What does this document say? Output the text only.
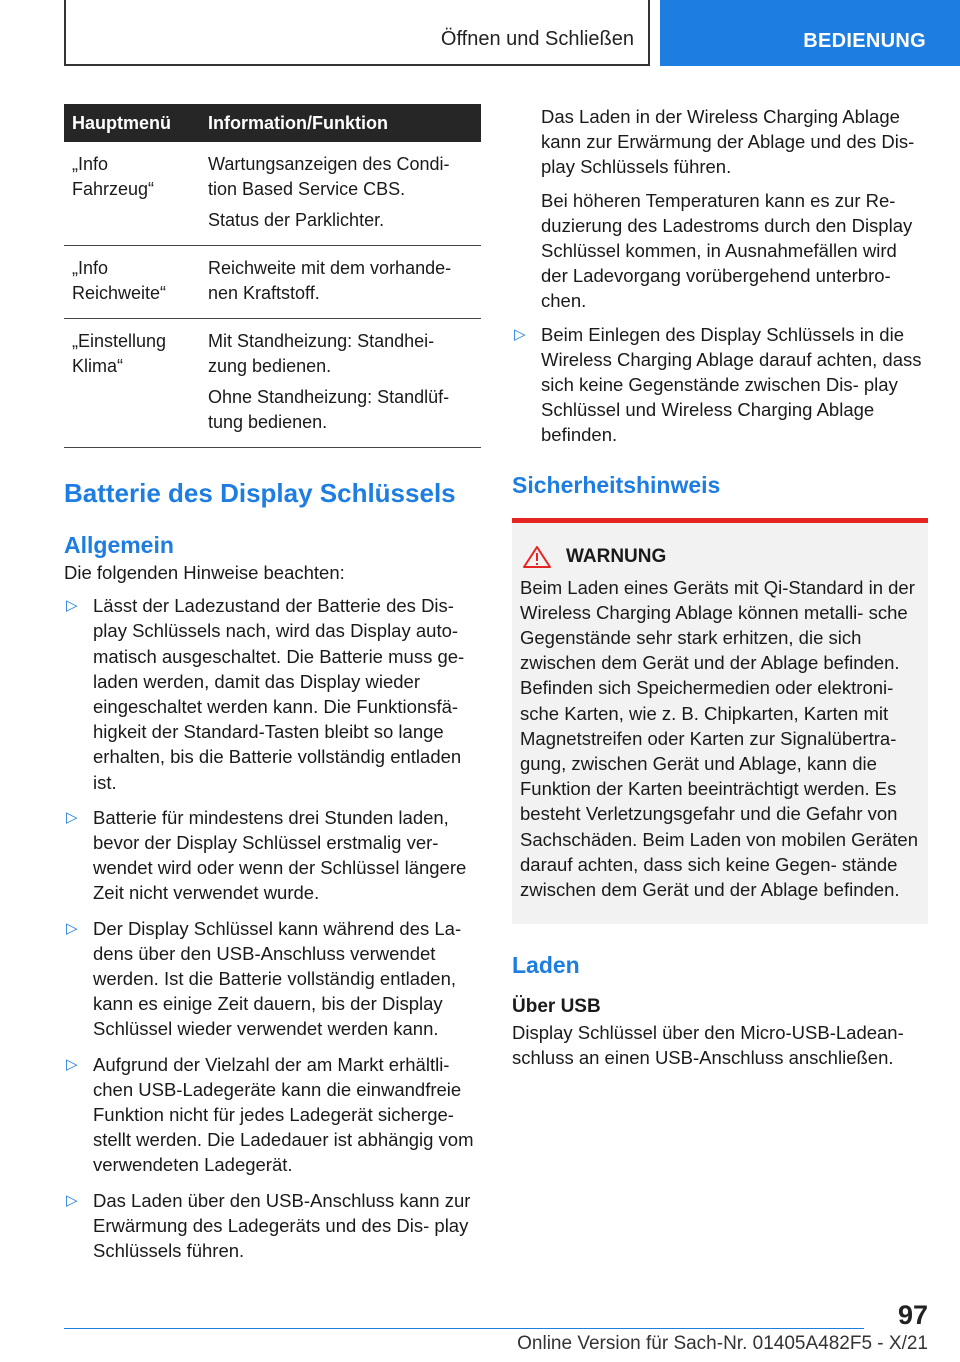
Öffnen und Schließen	BEDIENUNG
Hauptmenü	Information/Funktion
„Info Fahrzeug“	Wartungsanzeigen des Condi- tion Based Service CBS.

Status der Parklichter.

„Info Reichweite“	Reichweite mit dem vorhande- nen Kraftstoff.

„Einstellung Klima“	Mit Standheizung: Standhei- zung bedienen.

Ohne Standheizung: Standlüf- tung bedienen.

Batterie des Display Schlüssels
Allgemein

Die folgenden Hinweise beachten:

▷ Lässt der Ladezustand der Batterie des Dis- play Schlüssels nach, wird das Display auto- matisch ausgeschaltet. Die Batterie muss ge- laden werden, damit das Display wieder eingeschaltet werden kann. Die Funktionsfä- higkeit der Standard-Tasten bleibt so lange erhalten, bis die Batterie vollständig entladen ist.
▷ Batterie für mindestens drei Stunden laden, bevor der Display Schlüssel erstmalig ver- wendet wird oder wenn der Schlüssel längere Zeit nicht verwendet wurde.
▷ Der Display Schlüssel kann während des La- dens über den USB-Anschluss verwendet werden. Ist die Batterie vollständig entladen, kann es einige Zeit dauern, bis der Display Schlüssel wieder verwendet werden kann.
▷ Aufgrund der Vielzahl der am Markt erhältli- chen USB-Ladegeräte kann die einwandfreie Funktion nicht für jedes Ladegerät sicherge- stellt werden. Die Ladedauer ist abhängig vom verwendeten Ladegerät.
▷ Das Laden über den USB-Anschluss kann zur Erwärmung des Ladegeräts und des Dis- play Schlüssels führen.

Das Laden in der Wireless Charging Ablage kann zur Erwärmung der Ablage und des Dis- play Schlüssels führen.

Bei höheren Temperaturen kann es zur Re- duzierung des Ladestroms durch den Display Schlüssel kommen, in Ausnahmefällen wird der Ladevorgang vorübergehend unterbro- chen.

▷ Beim Einlegen des Display Schlüssels in die Wireless Charging Ablage darauf achten, dass sich keine Gegenstände zwischen Dis- play Schlüssel und Wireless Charging Ablage befinden.
Sicherheitshinweis
WARNUNG

Beim Laden eines Geräts mit Qi-Standard in der Wireless Charging Ablage können metalli- sche Gegenstände sehr stark erhitzen, die sich zwischen dem Gerät und der Ablage befinden. Befinden sich Speichermedien oder elektroni- sche Karten, wie z. B. Chipkarten, Karten mit Magnetstreifen oder Karten zur Signalübertra- gung, zwischen Gerät und Ablage, kann die Funktion der Karten beeinträchtigt werden. Es besteht Verletzungsgefahr und die Gefahr von Sachschäden. Beim Laden von mobilen Geräten darauf achten, dass sich keine Gegen- stände zwischen dem Gerät und der Ablage befinden.

Laden
Über USB

Display Schlüssel über den Micro-USB-Ladean- schluss an einen USB-Anschluss anschließen.

97
Online Version für Sach-Nr. 01405A482F5 - X/21
